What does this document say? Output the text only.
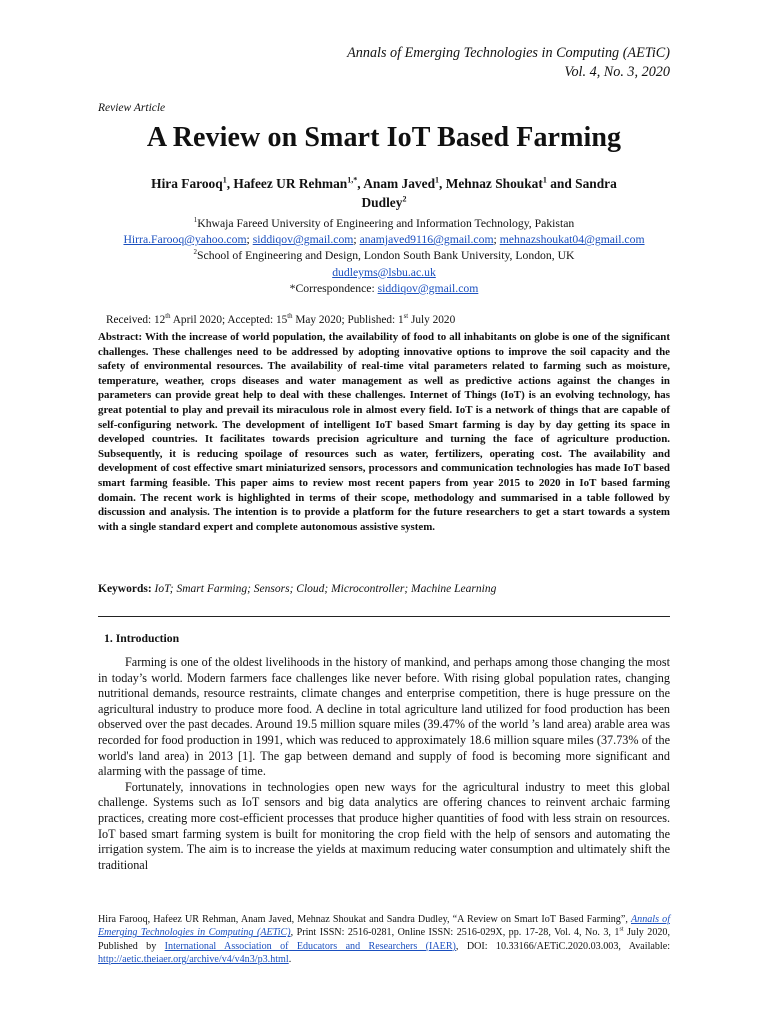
Annals of Emerging Technologies in Computing (AETiC)
Vol. 4, No. 3, 2020
Review Article
A Review on Smart IoT Based Farming
Hira Farooq$^1$, Hafeez UR Rehman$^{1,*}$, Anam Javed$^1$, Mehnaz Shoukat$^1$ and Sandra Dudley$^2$
$^1$Khwaja Fareed University of Engineering and Information Technology, Pakistan
Hirra.Farooq@yahoo.com; siddiqov@gmail.com; anamjaved9116@gmail.com; mehnazshoukat04@gmail.com
$^2$School of Engineering and Design, London South Bank University, London, UK
dudleyms@lsbu.ac.uk
*Correspondence: siddiqov@gmail.com
Received: 12th April 2020; Accepted: 15th May 2020; Published: 1st July 2020
Abstract: With the increase of world population, the availability of food to all inhabitants on globe is one of the significant challenges. These challenges need to be addressed by adopting innovative options to improve the soil capacity and the safety of environmental resources. The availability of real-time vital parameters related to farming such as moisture, temperature, weather, crops diseases and water management as well as predictive actions against the changes in parameters can provide great help to deal with these challenges. Internet of Things (IoT) is an evolving technology, has great potential to play and prevail its miraculous role in almost every field. IoT is a network of things that are capable of self-configuring network. The development of intelligent IoT based Smart farming is day by day getting its space in developed countries. It facilitates towards precision agriculture and turning the face of agriculture production. Subsequently, it is reducing spoilage of resources such as water, fertilizers, operating cost. The availability and development of cost effective smart miniaturized sensors, processors and communication technologies has made IoT based smart farming feasible. This paper aims to review most recent papers from year 2015 to 2020 in IoT based farming domain. The recent work is highlighted in terms of their scope, methodology and summarised in a table followed by discussion and analysis. The intention is to provide a platform for the future researchers to get a start towards a system with a single standard expert and complete autonomous assistive system.
Keywords: IoT; Smart Farming; Sensors; Cloud; Microcontroller; Machine Learning
1. Introduction

Farming is one of the oldest livelihoods in the history of mankind, and perhaps among those changing the most in today’s world. Modern farmers face challenges like never before. With rising global population rates, changing nutritional demands, resource restraints, climate changes and enterprise competition, there is huge pressure on the agricultural industry to produce more food. A decline in total agriculture land utilized for food production has been observed over the past decades. Around 19.5 million square miles (39.47% of the world ’s land area) arable area was recorded for food production in 1991, which was reduced to approximately 18.6 million square miles (37.73% of the world's land area) in 2013 [1]. The gap between demand and supply of food is becoming more significant and alarming with the passage of time.

Fortunately, innovations in technologies open new ways for the agricultural industry to meet this global challenge. Systems such as IoT sensors and big data analytics are offering chances to reinvent archaic farming practices, creating more cost-efficient processes that produce higher quantities of food with less strain on resources. IoT based smart farming system is built for monitoring the crop field with the help of sensors and automating the irrigation system. The aim is to increase the yields at maximum reducing water consumption and ultimately shift the traditional

Hira Farooq, Hafeez UR Rehman, Anam Javed, Mehnaz Shoukat and Sandra Dudley, “A Review on Smart IoT Based Farming”, Annals of Emerging Technologies in Computing (AETiC), Print ISSN: 2516-0281, Online ISSN: 2516-029X, pp. 17-28, Vol. 4, No. 3, 1st July 2020, Published by International Association of Educators and Researchers (IAER), DOI: 10.33166/AETiC.2020.03.003, Available: http://aetic.theiaer.org/archive/v4/v4n3/p3.html.
